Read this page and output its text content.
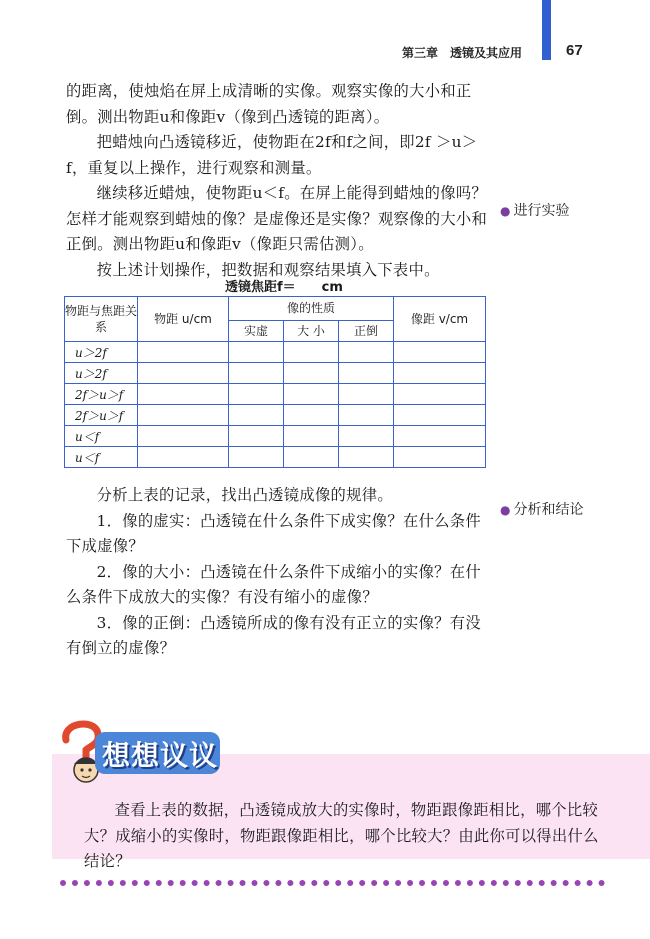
第三章　透镜及其应用	67

的距离，使烛焰在屏上成清晰的实像。观察实像的大小和正倒。测出物距u和像距v（像到凸透镜的距离）。

把蜡烛向凸透镜移近，使物距在2f和f之间，即2f ＞u＞f，重复以上操作，进行观察和测量。

继续移近蜡烛，使物距u＜f。在屏上能得到蜡烛的像吗？怎样才能观察到蜡烛的像？是虚像还是实像？观察像的大小和正倒。测出物距u和像距v（像距只需估测）。

按上述计划操作，把数据和观察结果填入下表中。

● 进行实验
透镜焦距f＝　　cm
物距与焦距关系	物距 u/cm	像的性质			像距 v/cm
		实虚	大 小	正倒	
u＞2f					
u＞2f					
2f＞u＞f					
2f＞u＞f					
u＜f					
u＜f					

分析上表的记录，找出凸透镜成像的规律。

1．像的虚实：凸透镜在什么条件下成实像？在什么条件下成虚像？

2．像的大小：凸透镜在什么条件下成缩小的实像？在什么条件下成放大的实像？有没有缩小的虚像？

3．像的正倒：凸透镜所成的像有没有正立的实像？有没有倒立的虚像？

● 分析和结论
想想议议

查看上表的数据，凸透镜成放大的实像时，物距跟像距相比，哪个比较大？成缩小的实像时，物距跟像距相比，哪个比较大？由此你可以得出什么结论？
